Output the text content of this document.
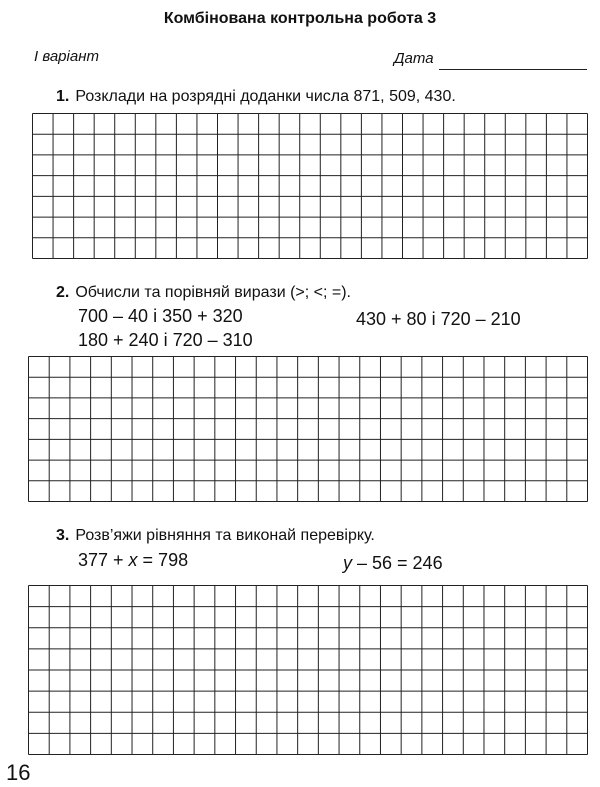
Комбінована контрольна робота 3
І варіант	Дата
1. Розклади на розрядні доданки числа 871, 509, 430.
2. Обчисли та порівняй вирази (>; <; =).
700 – 40 і 350 + 320
180 + 240 і 720 – 310
430 + 80 і 720 – 210
3. Розв’яжи рівняння та виконай перевірку.
377 + x = 798	y – 56 = 246
16
